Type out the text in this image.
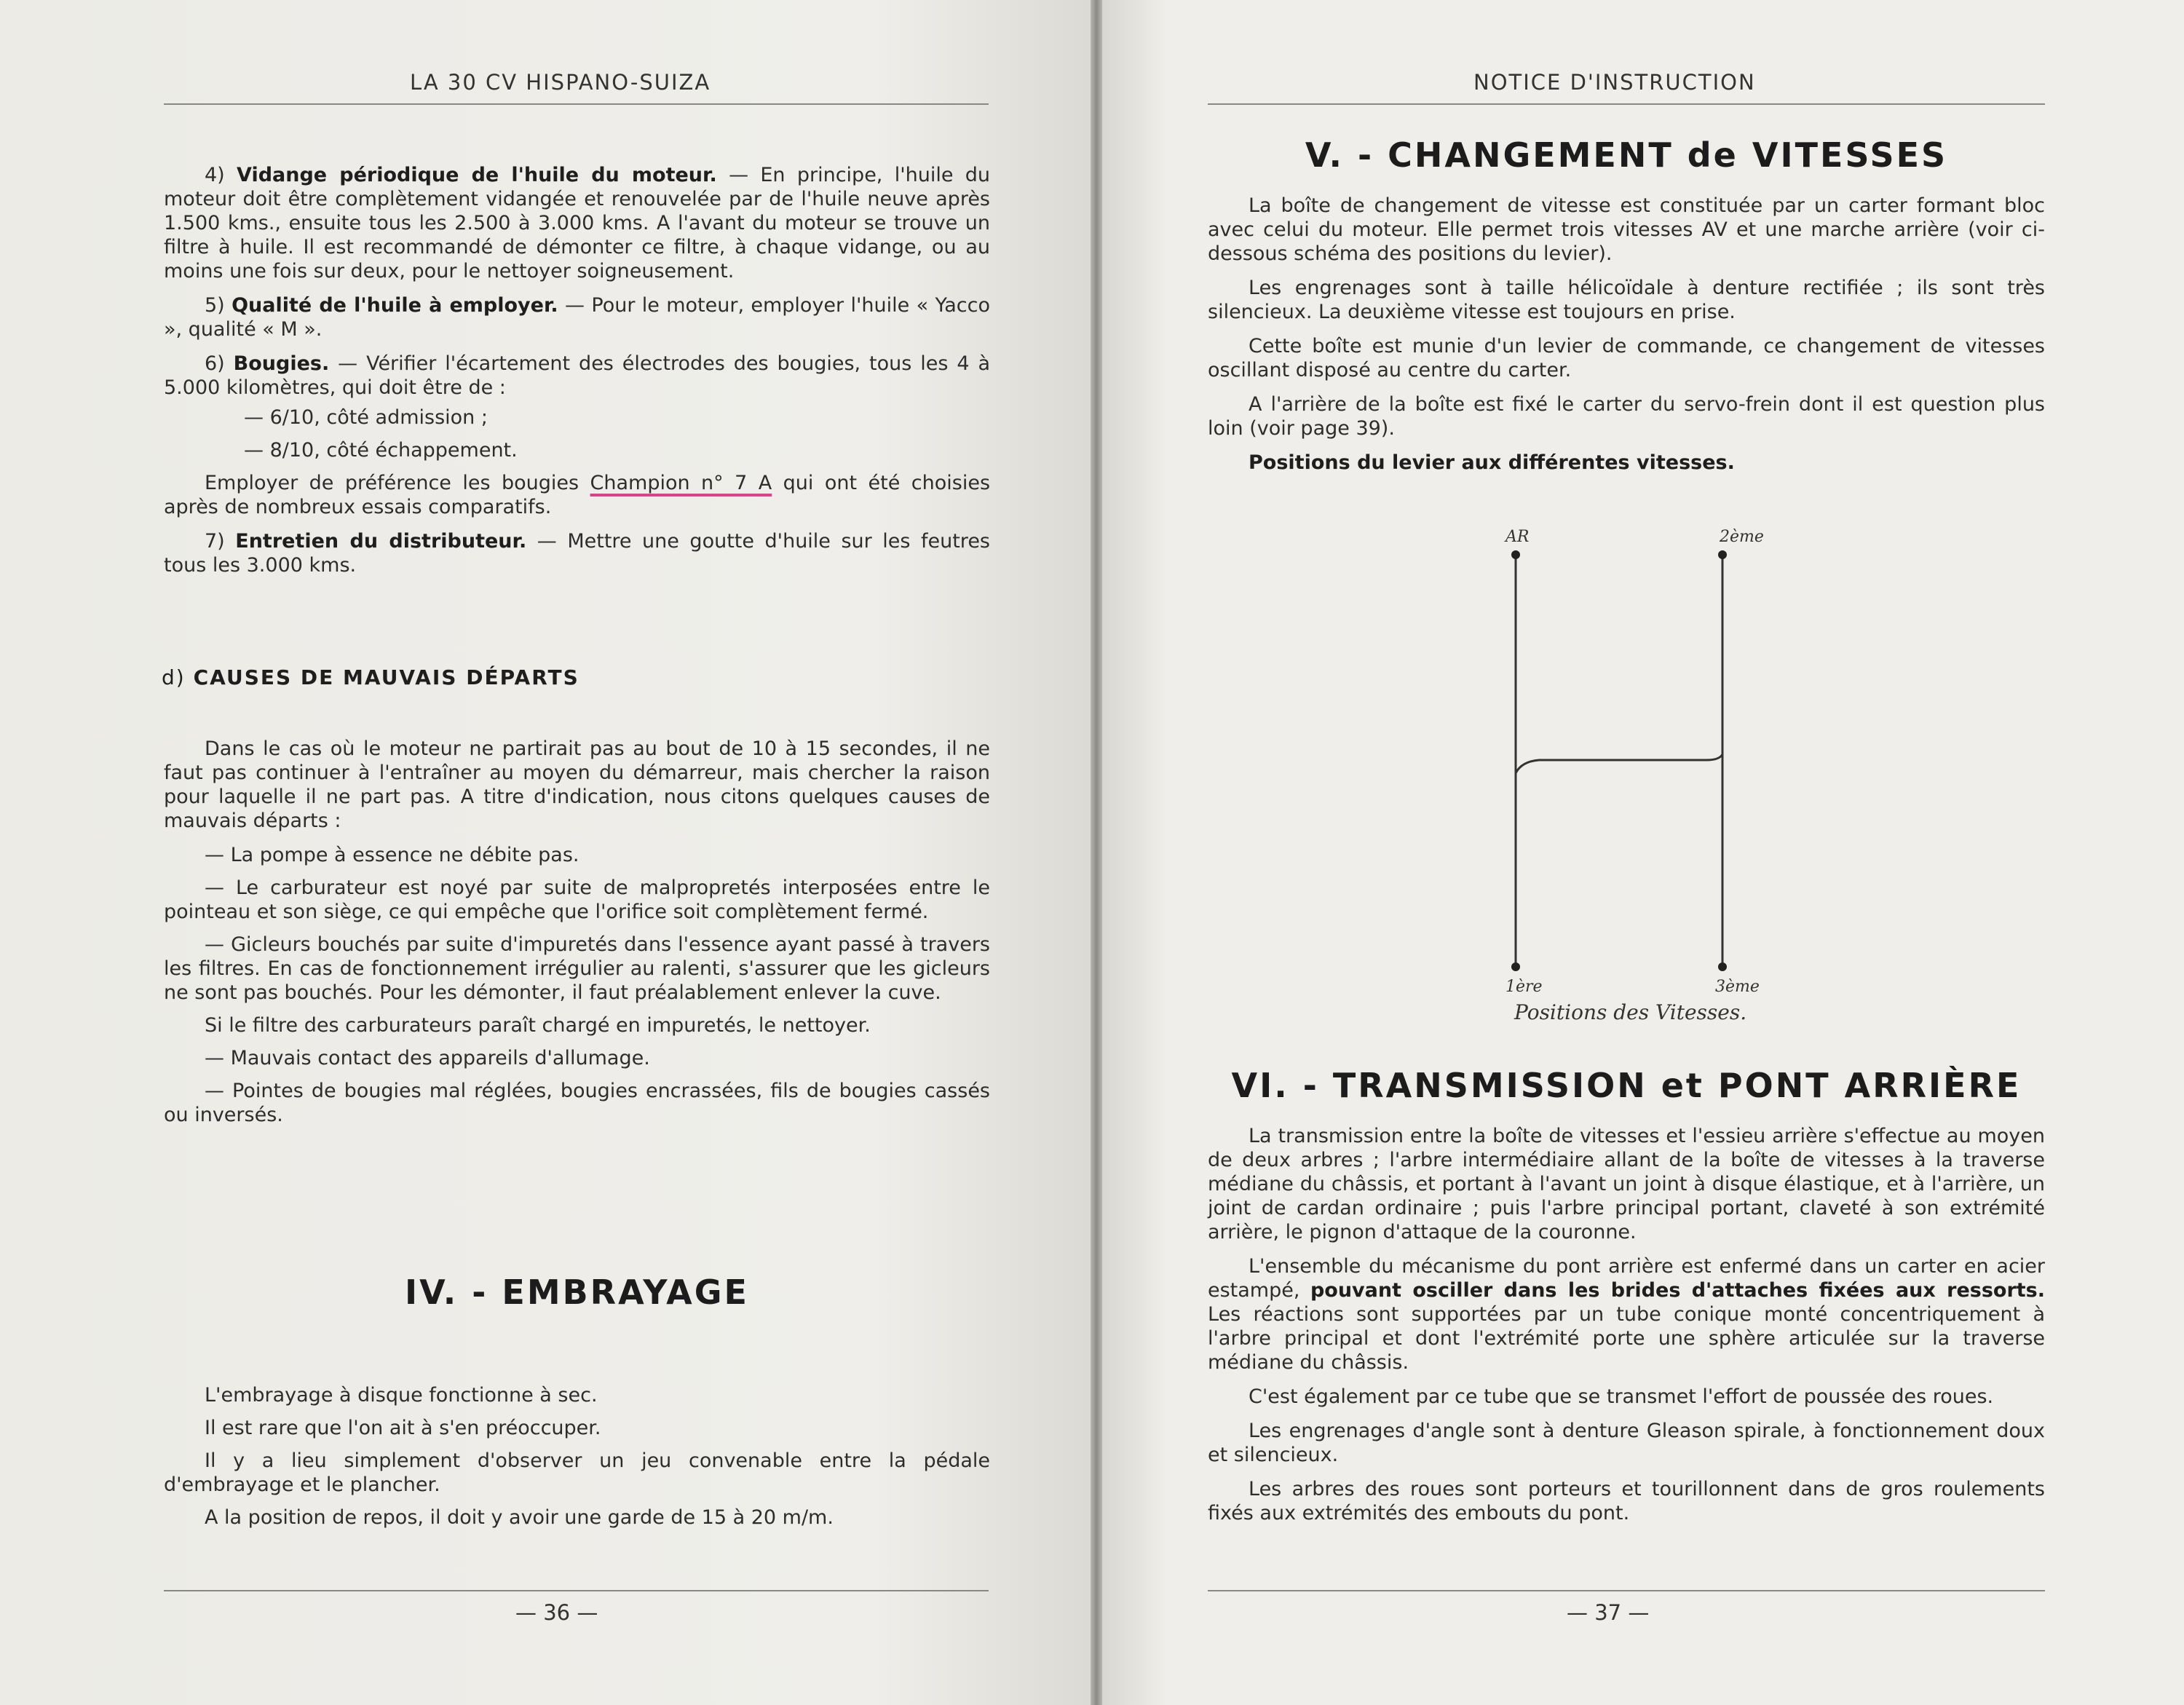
LA 30 CV HISPANO-SUIZA

4) Vidange périodique de l'huile du moteur. — En principe, l'huile du moteur doit être complètement vidangée et renouvelée par de l'huile neuve après 1.500 kms., ensuite tous les 2.500 à 3.000 kms. A l'avant du moteur se trouve un filtre à huile. Il est recommandé de démonter ce filtre, à chaque vidange, ou au moins une fois sur deux, pour le nettoyer soigneusement.

5) Qualité de l'huile à employer. — Pour le moteur, employer l'huile « Yacco », qualité « M ».

6) Bougies. — Vérifier l'écartement des électrodes des bougies, tous les 4 à 5.000 kilomètres, qui doit être de :

— 6/10, côté admission ;

— 8/10, côté échappement.

Employer de préférence les bougies Champion n° 7 A qui ont été choisies après de nombreux essais comparatifs.

7) Entretien du distributeur. — Mettre une goutte d'huile sur les feutres tous les 3.000 kms.

d) CAUSES DE MAUVAIS DÉPARTS

Dans le cas où le moteur ne partirait pas au bout de 10 à 15 secondes, il ne faut pas continuer à l'entraîner au moyen du démarreur, mais chercher la raison pour laquelle il ne part pas. A titre d'indication, nous citons quelques causes de mauvais départs :

— La pompe à essence ne débite pas.

— Le carburateur est noyé par suite de malpropretés interposées entre le pointeau et son siège, ce qui empêche que l'orifice soit complètement fermé.

— Gicleurs bouchés par suite d'impuretés dans l'essence ayant passé à travers les filtres. En cas de fonctionnement irrégulier au ralenti, s'assurer que les gicleurs ne sont pas bouchés. Pour les démonter, il faut préalablement enlever la cuve.

Si le filtre des carburateurs paraît chargé en impuretés, le nettoyer.

— Mauvais contact des appareils d'allumage.

— Pointes de bougies mal réglées, bougies encrassées, fils de bougies cassés ou inversés.

IV. - EMBRAYAGE

L'embrayage à disque fonctionne à sec.

Il est rare que l'on ait à s'en préoccuper.

Il y a lieu simplement d'observer un jeu convenable entre la pédale d'embrayage et le plancher.

A la position de repos, il doit y avoir une garde de 15 à 20 m/m.

— 36 —
NOTICE D'INSTRUCTION
V. - CHANGEMENT de VITESSES

La boîte de changement de vitesse est constituée par un carter formant bloc avec celui du moteur. Elle permet trois vitesses AV et une marche arrière (voir ci-dessous schéma des positions du levier).

Les engrenages sont à taille hélicoïdale à denture rectifiée ; ils sont très silencieux. La deuxième vitesse est toujours en prise.

Cette boîte est munie d'un levier de commande, ce changement de vitesses oscillant disposé au centre du carter.

A l'arrière de la boîte est fixé le carter du servo-frein dont il est question plus loin (voir page 39).

Positions du levier aux différentes vitesses.

AR	2ème
1ère	3ème
Positions des Vitesses.
VI. - TRANSMISSION et PONT ARRIÈRE

La transmission entre la boîte de vitesses et l'essieu arrière s'effectue au moyen de deux arbres ; l'arbre intermédiaire allant de la boîte de vitesses à la traverse médiane du châssis, et portant à l'avant un joint à disque élastique, et à l'arrière, un joint de cardan ordinaire ; puis l'arbre principal portant, claveté à son extrémité arrière, le pignon d'attaque de la couronne.

L'ensemble du mécanisme du pont arrière est enfermé dans un carter en acier estampé, pouvant osciller dans les brides d'attaches fixées aux ressorts. Les réactions sont supportées par un tube conique monté concentriquement à l'arbre principal et dont l'extrémité porte une sphère articulée sur la traverse médiane du châssis.

C'est également par ce tube que se transmet l'effort de poussée des roues.

Les engrenages d'angle sont à denture Gleason spirale, à fonctionnement doux et silencieux.

Les arbres des roues sont porteurs et tourillonnent dans de gros roulements fixés aux extrémités des embouts du pont.

— 37 —
